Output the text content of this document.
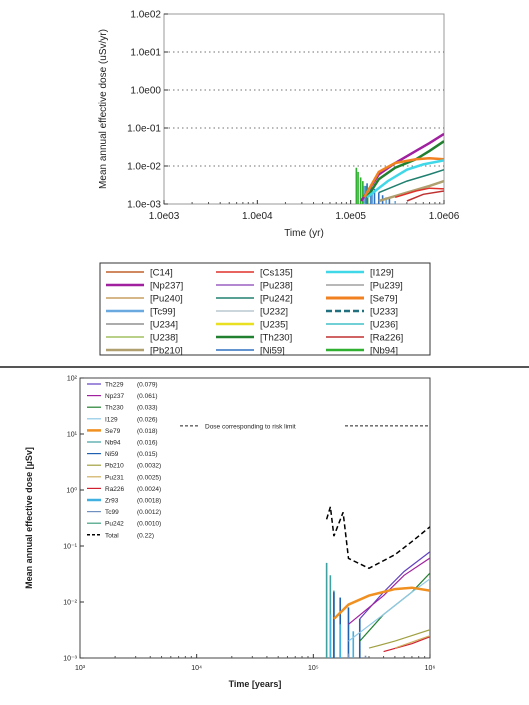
1.0e-03
1.0e-02
1.0e-01
1.0e00
1.0e01
1.0e02
1.0e03	1.0e04	1.0e05	1.0e06
Time (yr)
Mean annual effective dose (uSv/yr)
[C14]	[Cs135]	[I129]
[Np237]	[Pu238]	[Pu239]
[Pu240]	[Pu242]	[Se79]
[Tc99]	[U232]	[U233]
[U234]	[U235]	[U236]
[U238]	[Th230]	[Ra226]
[Pb210]	[Ni59]	[Nb94]
10⁻³
10⁻²
10⁻¹
10⁰
10¹
10²
10³	10⁴	10⁵	10⁶
Time [years]
Mean annual effective dose [µSv]
Dose corresponding to risk limit
Th229 (0.079)
Np237 (0.061)
Th230 (0.033)
I129	(0.026)
Se79	(0.018)
Nb94	(0.016)
Ni59	(0.015)
Pb210 (0.0032)
Pu231 (0.0025)
Ra226 (0.0024)
Zr93	(0.0018)
Tc99	(0.0012)
Pu242 (0.0010)
Total	(0.22)
